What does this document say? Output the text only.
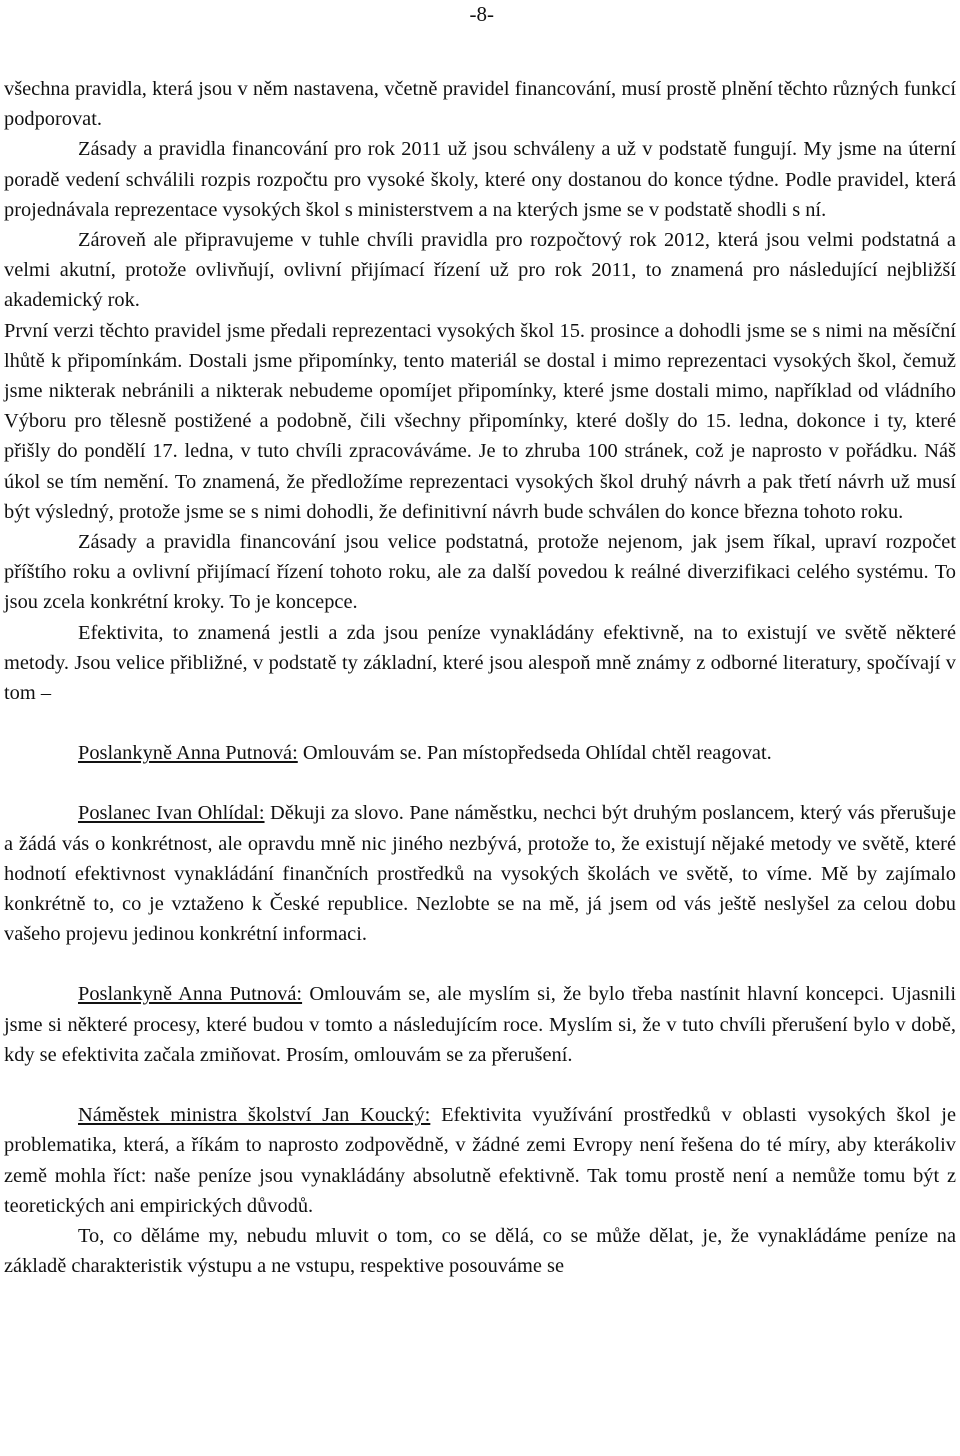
-8-

všechna pravidla, která jsou v něm nastavena, včetně pravidel financování, musí prostě plnění těchto různých funkcí podporovat.

Zásady a pravidla financování pro rok 2011 už jsou schváleny a už v podstatě fungují. My jsme na úterní poradě vedení schválili rozpis rozpočtu pro vysoké školy, které ony dostanou do konce týdne. Podle pravidel, která projednávala reprezentace vysokých škol s ministerstvem a na kterých jsme se v podstatě shodli s ní.

Zároveň ale připravujeme v tuhle chvíli pravidla pro rozpočtový rok 2012, která jsou velmi podstatná a velmi akutní, protože ovlivňují, ovlivní přijímací řízení už pro rok 2011, to znamená pro následující nejbližší akademický rok.

První verzi těchto pravidel jsme předali reprezentaci vysokých škol 15. prosince a dohodli jsme se s nimi na měsíční lhůtě k připomínkám. Dostali jsme připomínky, tento materiál se dostal i mimo reprezentaci vysokých škol, čemuž jsme nikterak nebránili a nikterak nebudeme opomíjet připomínky, které jsme dostali mimo, například od vládního Výboru pro tělesně postižené a podobně, čili všechny připomínky, které došly do 15. ledna, dokonce i ty, které přišly do pondělí 17. ledna, v tuto chvíli zpracováváme. Je to zhruba 100 stránek, což je naprosto v pořádku. Náš úkol se tím nemění. To znamená, že předložíme reprezentaci vysokých škol druhý návrh a pak třetí návrh už musí být výsledný, protože jsme se s nimi dohodli, že definitivní návrh bude schválen do konce března tohoto roku.

Zásady a pravidla financování jsou velice podstatná, protože nejenom, jak jsem říkal, upraví rozpočet příštího roku a ovlivní přijímací řízení tohoto roku, ale za další povedou k reálné diverzifikaci celého systému. To jsou zcela konkrétní kroky. To je koncepce.

Efektivita, to znamená jestli a zda jsou peníze vynakládány efektivně, na to existují ve světě některé metody. Jsou velice přibližné, v podstatě ty základní, které jsou alespoň mně známy z odborné literatury, spočívají v tom –

Poslankyně Anna Putnová: Omlouvám se. Pan místopředseda Ohlídal chtěl reagovat.

Poslanec Ivan Ohlídal: Děkuji za slovo. Pane náměstku, nechci být druhým poslancem, který vás přerušuje a žádá vás o konkrétnost, ale opravdu mně nic jiného nezbývá, protože to, že existují nějaké metody ve světě, které hodnotí efektivnost vynakládání finančních prostředků na vysokých školách ve světě, to víme. Mě by zajímalo konkrétně to, co je vztaženo k České republice. Nezlobte se na mě, já jsem od vás ještě neslyšel za celou dobu vašeho projevu jedinou konkrétní informaci.

Poslankyně Anna Putnová: Omlouvám se, ale myslím si, že bylo třeba nastínit hlavní koncepci. Ujasnili jsme si některé procesy, které budou v tomto a následujícím roce. Myslím si, že v tuto chvíli přerušení bylo v době, kdy se efektivita začala zmiňovat. Prosím, omlouvám se za přerušení.

Náměstek ministra školství Jan Koucký: Efektivita využívání prostředků v oblasti vysokých škol je problematika, která, a říkám to naprosto zodpovědně, v žádné zemi Evropy není řešena do té míry, aby kterákoliv země mohla říct: naše peníze jsou vynakládány absolutně efektivně. Tak tomu prostě není a nemůže tomu být z teoretických ani empirických důvodů.

To, co děláme my, nebudu mluvit o tom, co se dělá, co se může dělat, je, že vynakládáme peníze na základě charakteristik výstupu a ne vstupu, respektive posouváme se
